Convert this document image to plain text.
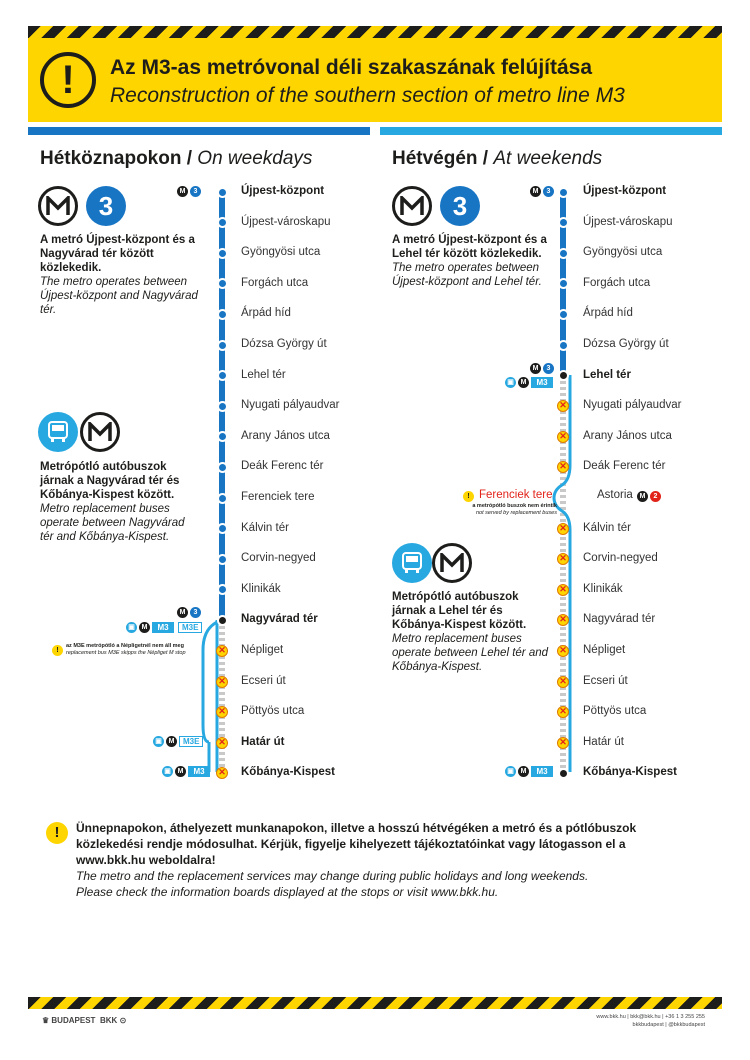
!	Az M3-as metróvonal déli szakaszának felújítása
Reconstruction of the southern section of metro line M3
Hétköznapokon / On weekdays
3
A metró Újpest-központ és a Nagyvárad tér között közlekedik.
The metro operates between Újpest-központ and Nagyvárad tér.
Metrópótló autóbuszok járnak a Nagyvárad tér és Kőbánya-Kispest között.
Metro replacement buses operate between Nagyvárad tér and Kőbánya-Kispest.
Újpest-központ
Újpest-városkapu
Gyöngyösi utca
Forgách utca
Árpád híd
Dózsa György út
Lehel tér
Nyugati pályaudvar
Arany János utca
Deák Ferenc tér
Ferenciek tere
Kálvin tér
Corvin-negyed
Klinikák
Nagyvárad tér
Népliget
✕
Ecseri út
✕
Pöttyös utca
✕
Határ út
✕
Kőbánya-Kispest
✕
M	3
M	3
▣ M	M3	M3E
!
az M3E metrópótló a Népligetnél nem áll meg
replacement bus M3E skipps the Népliget M stop
▣ M	M3E
▣ M	M3
Hétvégén / At weekends
3
A metró Újpest-központ és a Lehel tér között közlekedik.
The metro operates between Újpest-központ and Lehel tér.
Metrópótló autóbuszok járnak a Lehel tér és Kőbánya-Kispest között.
Metro replacement buses operate between Lehel tér and Kőbánya-Kispest.
Újpest-központ
Újpest-városkapu
Gyöngyösi utca
Forgách utca
Árpád híd
Dózsa György út
Lehel tér
Nyugati pályaudvar
✕
Arany János utca
✕
Deák Ferenc tér
✕
Kálvin tér
✕
Corvin-negyed
✕
Klinikák
✕
Nagyvárad tér
✕
Népliget
✕
Ecseri út
✕
Pöttyös utca
✕
Határ út
✕
Kőbánya-Kispest
M	3
M	3
▣ M	M3
! Ferenciek tere
a metrópótló buszok nem érintik
not served by replacement buses
Astoria M	2
▣ M	M3
!	Ünnepnapokon, áthelyezett munkanapokon, illetve a hosszú hétvégéken a metró és a pótlóbuszok közlekedési rendje módosulhat. Kérjük, figyelje kihelyezett tájékoztatóinkat vagy látogasson el a www.bkk.hu weboldalra!
The metro and the replacement services may change during public holidays and long weekends.
Please check the information boards displayed at the stops or visit www.bkk.hu.
♛ BUDAPEST BKK ⊙	www.bkk.hu | bkk@bkk.hu | +36 1 3 255 255
bkkbudapest | @bkkbudapest
